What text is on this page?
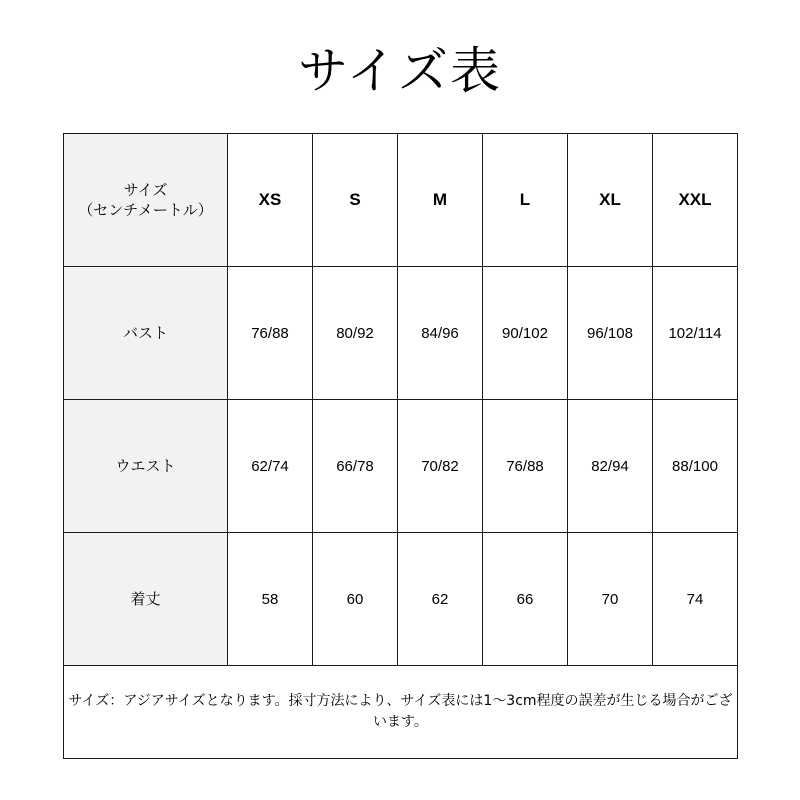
サイズ表
サイズ
（センチメートル）	XS	S	M	L	XL	XXL
バスト	76/88	80/92	84/96	90/102	96/108	102/114
ウエスト	62/74	66/78	70/82	76/88	82/94	88/100
着丈	58	60	62	66	70	74
サイズ：アジアサイズとなります。採寸方法により、サイズ表には1～3cm程度の誤差が生じる場合がございます。						
